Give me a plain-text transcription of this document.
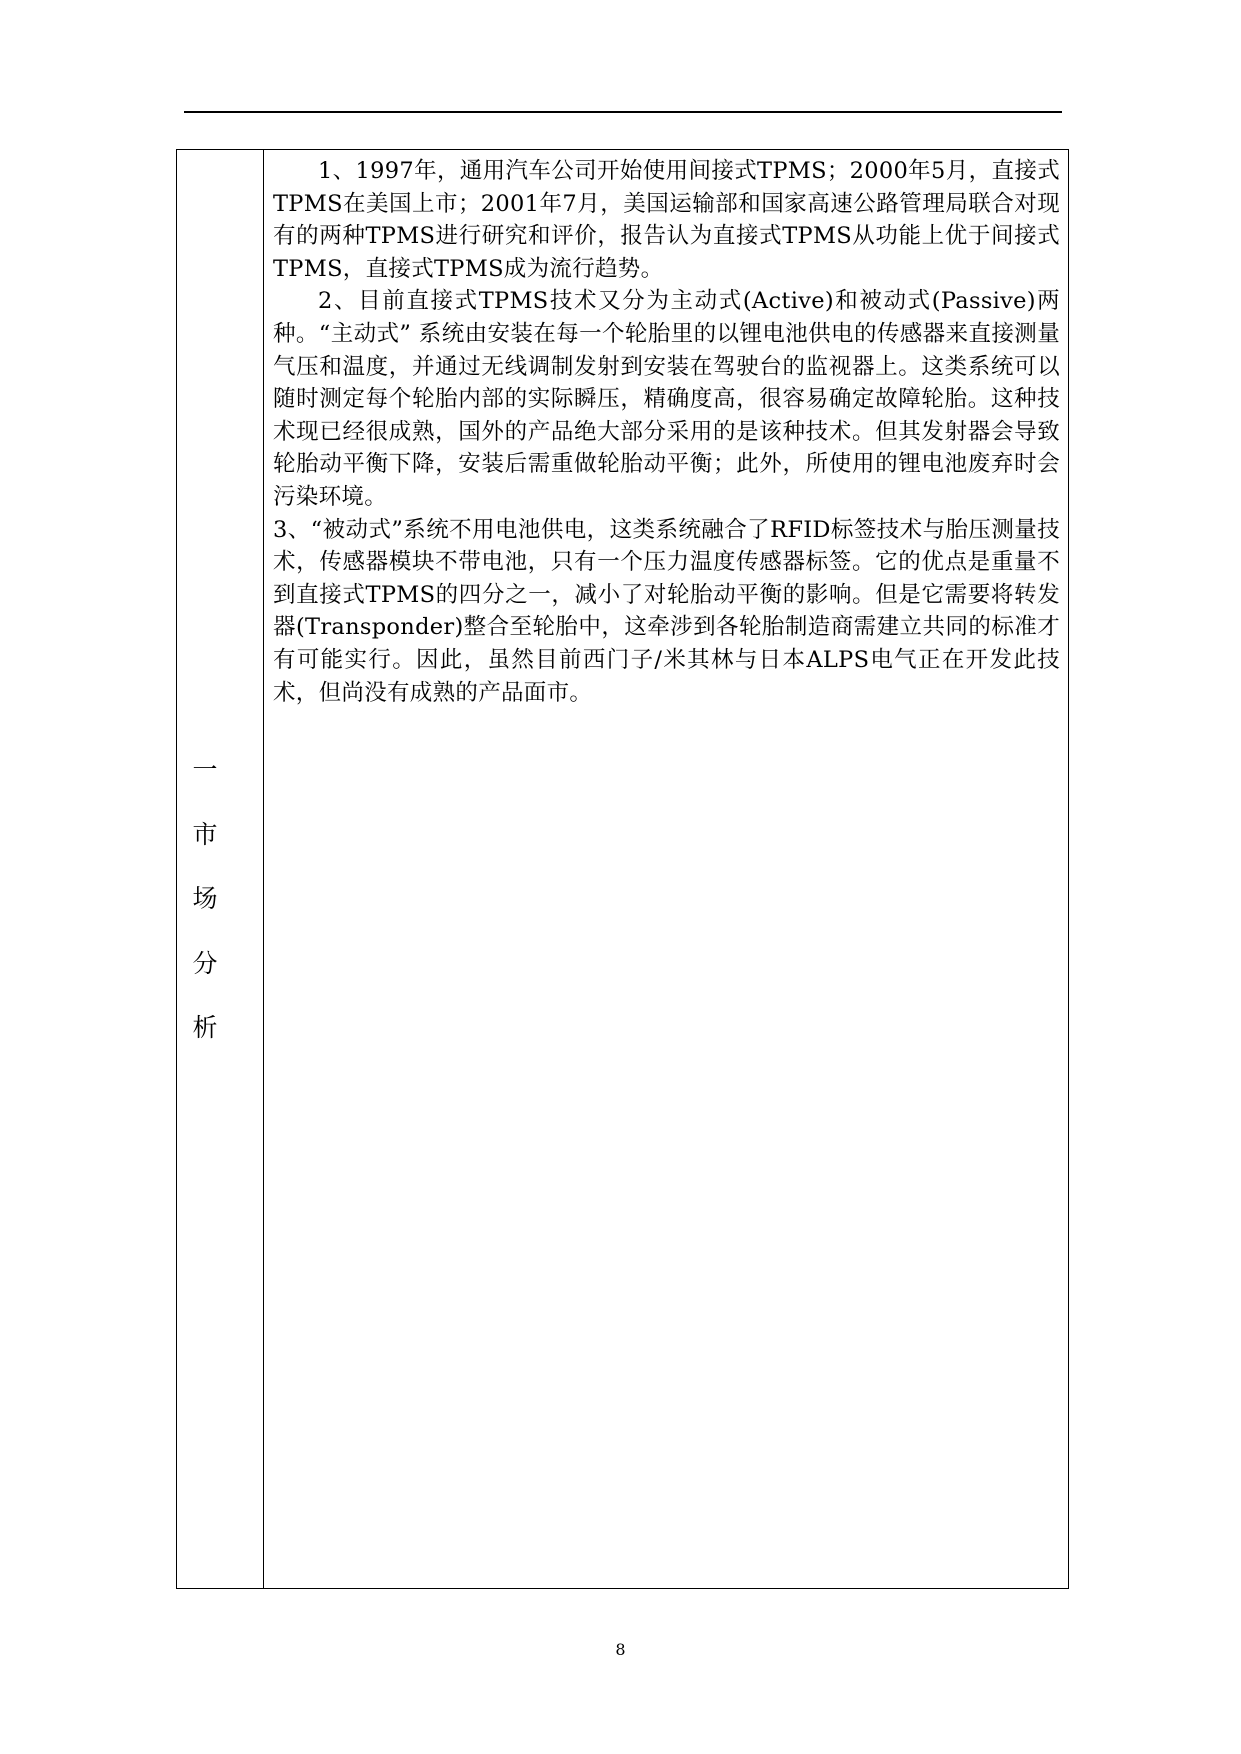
一
市
场
分
析

1、1997年，通用汽车公司开始使用间接式TPMS；2000年5月，直接式TPMS在美国上市；2001年7月，美国运输部和国家高速公路管理局联合对现有的两种TPMS进行研究和评价，报告认为直接式TPMS从功能上优于间接式TPMS，直接式TPMS成为流行趋势。

2、目前直接式TPMS技术又分为主动式(Active)和被动式(Passive)两种。“主动式” 系统由安装在每一个轮胎里的以锂电池供电的传感器来直接测量气压和温度，并通过无线调制发射到安装在驾驶台的监视器上。这类系统可以随时测定每个轮胎内部的实际瞬压，精确度高，很容易确定故障轮胎。这种技术现已经很成熟，国外的产品绝大部分采用的是该种技术。但其发射器会导致轮胎动平衡下降，安装后需重做轮胎动平衡；此外，所使用的锂电池废弃时会污染环境。

3、“被动式”系统不用电池供电，这类系统融合了RFID标签技术与胎压测量技术，传感器模块不带电池，只有一个压力温度传感器标签。它的优点是重量不到直接式TPMS的四分之一，减小了对轮胎动平衡的影响。但是它需要将转发器(Transponder)整合至轮胎中，这牵涉到各轮胎制造商需建立共同的标准才有可能实行。因此，虽然目前西门子/米其林与日本ALPS电气正在开发此技术，但尚没有成熟的产品面市。

8
